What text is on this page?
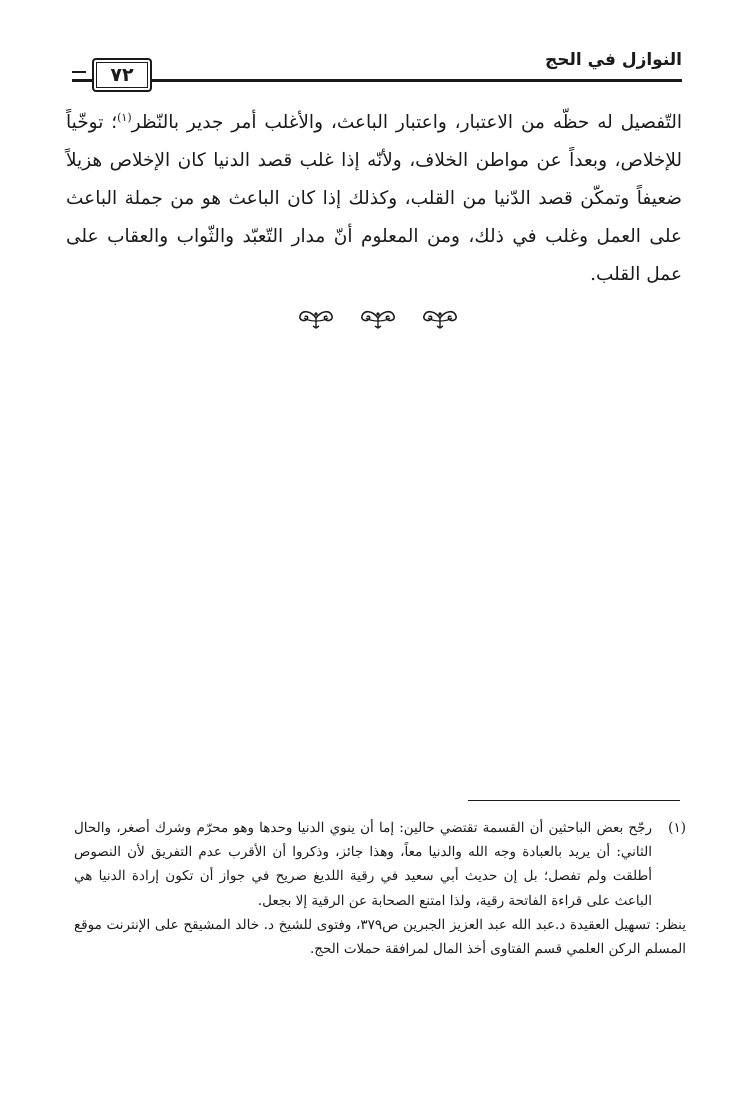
٧٢
النوازل في الحج
التّفصيل له حظّه من الاعتبار، واعتبار الباعث، والأغلب أمر جدير بالنّظر$^{(١)}$؛ توخّياً للإخلاص، وبعداً عن مواطن الخلاف، ولأنّه إذا غلب قصد الدنيا كان الإخلاص هزيلاً ضعيفاً وتمكّن قصد الدّنيا من القلب، وكذلك إذا كان الباعث هو من جملة الباعث على العمل وغلب في ذلك، ومن المعلوم أنّ مدار التّعبّد والثّواب والعقاب على عمل القلب.
(١)
رجّح بعض الباحثين أن القسمة تقتضي حالين: إما أن ينوي الدنيا وحدها وهو محرّم وشرك أصغر، والحال الثاني: أن يريد بالعبادة وجه الله والدنيا معاً، وهذا جائز، وذكروا أن الأقرب عدم التفريق لأن النصوص أطلقت ولم تفصل؛ بل إن حديث أبي سعيد في رقية اللديغ صريح في جواز أن تكون إرادة الدنيا هي الباعث على قراءة الفاتحة رقية، ولذا امتنع الصحابة عن الرقية إلا بجعل.

ينظر: تسهيل العقيدة د.عبد الله عبد العزيز الجبرين ص٣٧٩، وفتوى للشيخ د. خالد المشيقح على الإنترنت موقع المسلم الركن العلمي قسم الفتاوى أخذ المال لمرافقة حملات الحج.
